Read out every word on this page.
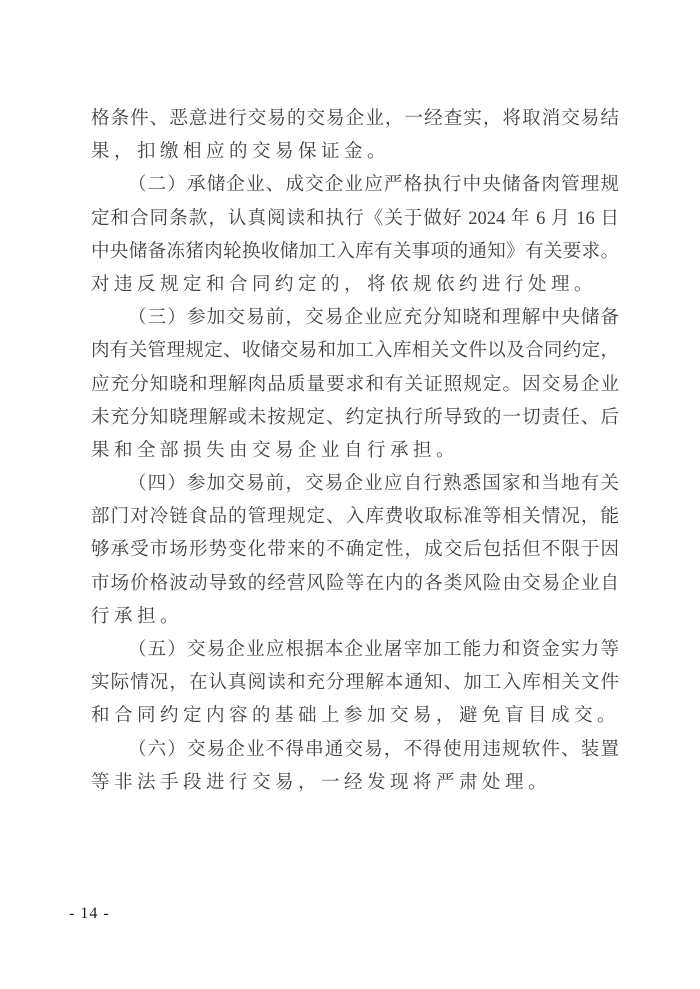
格条件、恶意进行交易的交易企业，一经查实，将取消交易结
果，扣缴相应的交易保证金。
（二）承储企业、成交企业应严格执行中央储备肉管理规
定和合同条款，认真阅读和执行《关于做好 2024 年 6 月 16 日
中央储备冻猪肉轮换收储加工入库有关事项的通知》有关要求。
对违反规定和合同约定的，将依规依约进行处理。
（三）参加交易前，交易企业应充分知晓和理解中央储备
肉有关管理规定、收储交易和加工入库相关文件以及合同约定，
应充分知晓和理解肉品质量要求和有关证照规定。因交易企业
未充分知晓理解或未按规定、约定执行所导致的一切责任、后
果和全部损失由交易企业自行承担。
（四）参加交易前，交易企业应自行熟悉国家和当地有关
部门对冷链食品的管理规定、入库费收取标准等相关情况，能
够承受市场形势变化带来的不确定性，成交后包括但不限于因
市场价格波动导致的经营风险等在内的各类风险由交易企业自
行承担。
（五）交易企业应根据本企业屠宰加工能力和资金实力等
实际情况，在认真阅读和充分理解本通知、加工入库相关文件
和合同约定内容的基础上参加交易，避免盲目成交。
（六）交易企业不得串通交易，不得使用违规软件、装置
等非法手段进行交易，一经发现将严肃处理。
- 14 -
